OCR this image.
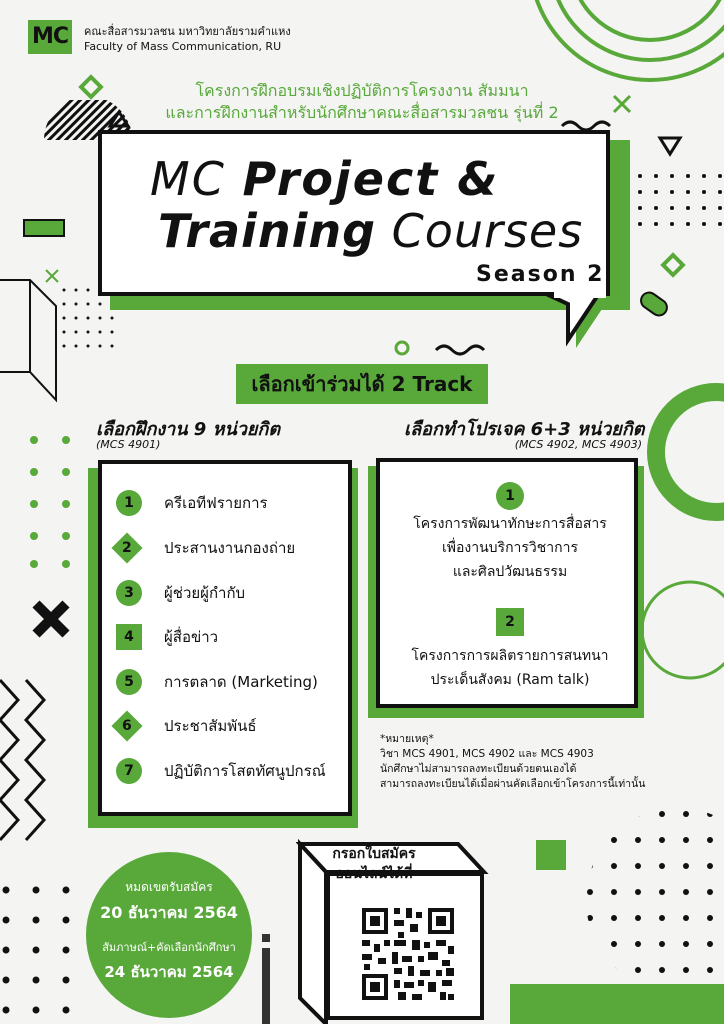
MC	คณะสื่อสารมวลชน มหาวิทยาลัยรามคำแหง
Faculty of Mass Communication, RU
โครงการฝึกอบรมเชิงปฏิบัติการโครงงาน สัมมนา
และการฝึกงานสำหรับนักศึกษาคณะสื่อสารมวลชน รุ่นที่ 2
MC Project &
Training Courses
Season 2
เลือกเข้าร่วมได้ 2 Track
เลือกฝึกงาน 9 หน่วยกิต
(MCS 4901)
1	ครีเอทีฟรายการ
2 ประสานงานกองถ่าย
3	ผู้ช่วยผู้กำกับ
4	ผู้สื่อข่าว
5	การตลาด (Marketing)
6 ประชาสัมพันธ์
7	ปฏิบัติการโสตทัศนูปกรณ์
เลือกทำโปรเจค 6+3 หน่วยกิต
(MCS 4902, MCS 4903)
1
โครงการพัฒนาทักษะการสื่อสาร
เพื่องานบริการวิชาการ
และศิลปวัฒนธรรม
2
โครงการการผลิตรายการสนทนา
ประเด็นสังคม (Ram talk)
*หมายเหตุ*
วิชา MCS 4901, MCS 4902 และ MCS 4903
นักศึกษาไม่สามารถลงทะเบียนด้วยตนเองได้
สามารถลงทะเบียนได้เมื่อผ่านคัดเลือกเข้าโครงการนี้เท่านั้น
หมดเขตรับสมัคร
20 ธันวาคม 2564
สัมภาษณ์+คัดเลือกนักศึกษา
24 ธันวาคม 2564
กรอกใบสมัคร
ออนไลน์ได้ที่
